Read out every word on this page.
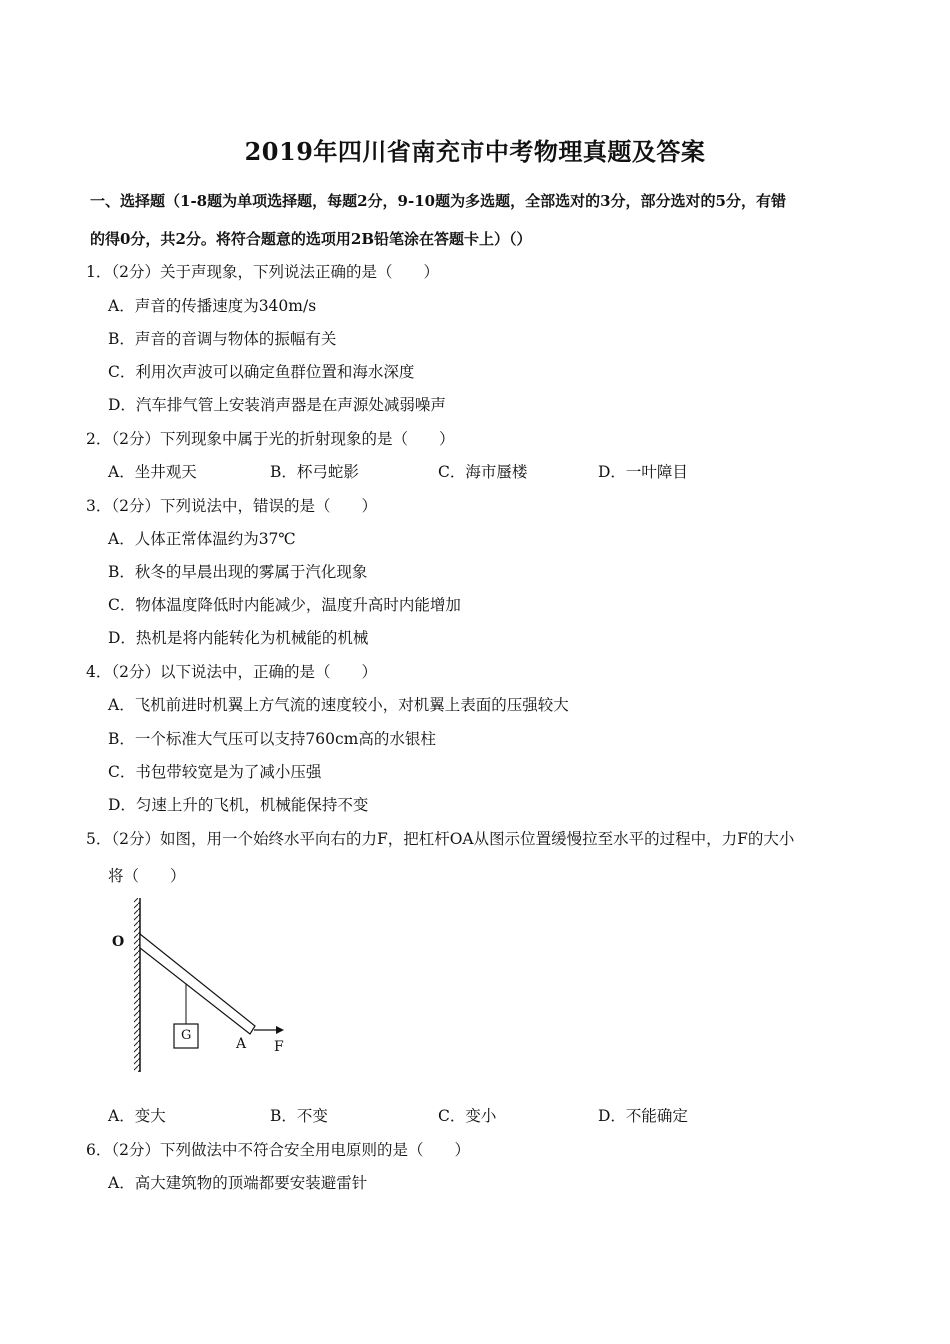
2019年四川省南充市中考物理真题及答案
一、选择题（1-8题为单项选择题，每题2分，9-10题为多选题，全部选对的3分，部分选对的5分，有错
的得0分，共2分。将符合题意的选项用2B铅笔涂在答题卡上）（）
1．（2分）关于声现象，下列说法正确的是（　　）
A．声音的传播速度为340m/s
B．声音的音调与物体的振幅有关
C．利用次声波可以确定鱼群位置和海水深度
D．汽车排气管上安装消声器是在声源处减弱噪声
2．（2分）下列现象中属于光的折射现象的是（　　）
A．坐井观天	B．杯弓蛇影	C．海市蜃楼	D．一叶障目
3．（2分）下列说法中，错误的是（　　）
A．人体正常体温约为37℃
B．秋冬的早晨出现的雾属于汽化现象
C．物体温度降低时内能减少，温度升高时内能增加
D．热机是将内能转化为机械能的机械
4．（2分）以下说法中，正确的是（　　）
A．飞机前进时机翼上方气流的速度较小，对机翼上表面的压强较大
B．一个标准大气压可以支持760cm高的水银柱
C．书包带较宽是为了减小压强
D．匀速上升的飞机，机械能保持不变
5．（2分）如图，用一个始终水平向右的力F，把杠杆OA从图示位置缓慢拉至水平的过程中，力F的大小
将（　　）
O
G
A F
A．变大	B．不变	C．变小	D．不能确定
6．（2分）下列做法中不符合安全用电原则的是（　　）
A．高大建筑物的顶端都要安装避雷针
